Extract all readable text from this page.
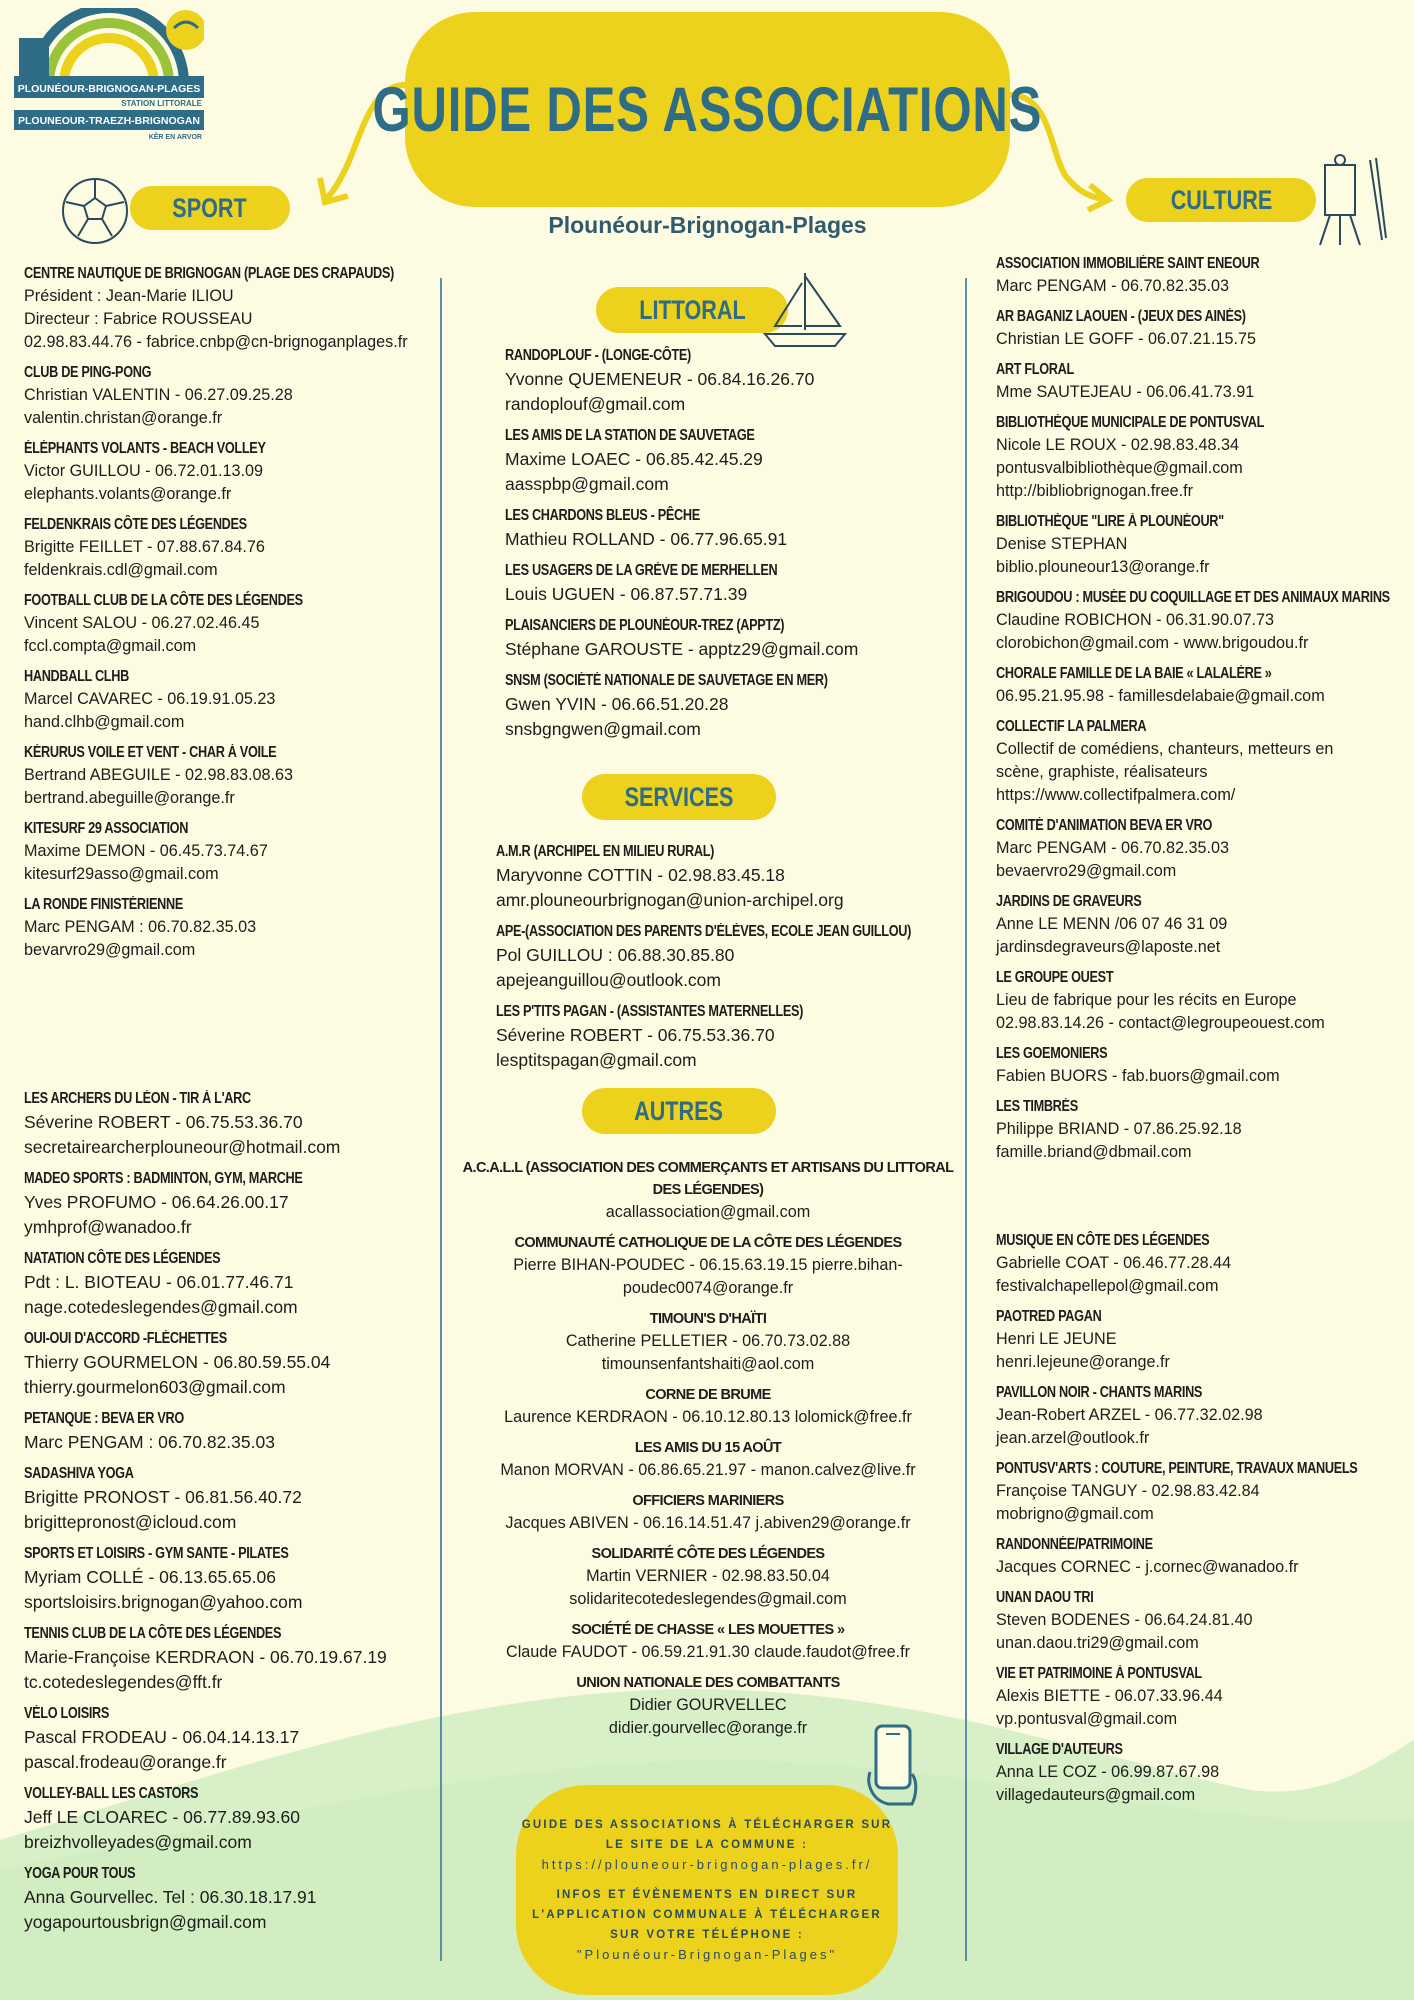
PLOUNÉOUR-BRIGNOGAN-PLAGES
STATION LITTORALE
PLOUNEOUR-TRAEZH-BRIGNOGAN
KÊR EN ARVOR	GUIDE DES ASSOCIATIONS
Plounéour-Brignogan-Plages
SPORT	CULTURE
CENTRE NAUTIQUE DE BRIGNOGAN (PLAGE DES CRAPAUDS)
Président : Jean-Marie ILIOU
Directeur : Fabrice ROUSSEAU
02.98.83.44.76 - fabrice.cnbp@cn-brignoganplages.fr
CLUB DE PING-PONG
Christian VALENTIN - 06.27.09.25.28
valentin.christan@orange.fr
ÉLÉPHANTS VOLANTS - BEACH VOLLEY
Victor GUILLOU - 06.72.01.13.09
elephants.volants@orange.fr
FELDENKRAIS CÔTE DES LÉGENDES
Brigitte FEILLET - 07.88.67.84.76
feldenkrais.cdl@gmail.com
FOOTBALL CLUB DE LA CÔTE DES LÉGENDES
Vincent SALOU - 06.27.02.46.45
fccl.compta@gmail.com
HANDBALL CLHB
Marcel CAVAREC - 06.19.91.05.23
hand.clhb@gmail.com
KÉRURUS VOILE ET VENT - CHAR À VOILE
Bertrand ABEGUILE - 02.98.83.08.63
bertrand.abeguille@orange.fr
KITESURF 29 ASSOCIATION
Maxime DEMON - 06.45.73.74.67
kitesurf29asso@gmail.com
LA RONDE FINISTÉRIENNE
Marc PENGAM : 06.70.82.35.03
bevarvro29@gmail.com
LES ARCHERS DU LÉON - TIR À L'ARC
Séverine ROBERT - 06.75.53.36.70
secretairearcherplouneour@hotmail.com
MADEO SPORTS : BADMINTON, GYM, MARCHE
Yves PROFUMO - 06.64.26.00.17
ymhprof@wanadoo.fr
NATATION CÔTE DES LÉGENDES
Pdt : L. BIOTEAU - 06.01.77.46.71
nage.cotedeslegendes@gmail.com
OUI-OUI D'ACCORD -FLÉCHETTES
Thierry GOURMELON - 06.80.59.55.04
thierry.gourmelon603@gmail.com
PETANQUE : BEVA ER VRO
Marc PENGAM : 06.70.82.35.03
SADASHIVA YOGA
Brigitte PRONOST - 06.81.56.40.72
brigittepronost@icloud.com
SPORTS ET LOISIRS - GYM SANTE - PILATES
Myriam COLLÉ - 06.13.65.65.06
sportsloisirs.brignogan@yahoo.com
TENNIS CLUB DE LA CÔTE DES LÉGENDES
Marie-Françoise KERDRAON - 06.70.19.67.19
tc.cotedeslegendes@fft.fr
VÉLO LOISIRS
Pascal FRODEAU - 06.04.14.13.17
pascal.frodeau@orange.fr
VOLLEY-BALL LES CASTORS
Jeff LE CLOAREC - 06.77.89.93.60
breizhvolleyades@gmail.com
YOGA POUR TOUS
Anna Gourvellec. Tel : 06.30.18.17.91
yogapourtousbrign@gmail.com
LITTORAL
RANDOPLOUF - (LONGE-CÔTE)
Yvonne QUEMENEUR - 06.84.16.26.70
randoplouf@gmail.com
LES AMIS DE LA STATION DE SAUVETAGE
Maxime LOAEC - 06.85.42.45.29
aasspbp@gmail.com
LES CHARDONS BLEUS - PÊCHE
Mathieu ROLLAND - 06.77.96.65.91
LES USAGERS DE LA GRÈVE DE MERHELLEN
Louis UGUEN - 06.87.57.71.39
PLAISANCIERS DE PLOUNÉOUR-TREZ (APPTZ)
Stéphane GAROUSTE - apptz29@gmail.com
SNSM (SOCIÉTÉ NATIONALE DE SAUVETAGE EN MER)
Gwen YVIN - 06.66.51.20.28
snsbgngwen@gmail.com
SERVICES
A.M.R (ARCHIPEL EN MILIEU RURAL)
Maryvonne COTTIN - 02.98.83.45.18
amr.plouneourbrignogan@union-archipel.org
APE-(ASSOCIATION DES PARENTS D'ÉLÈVES, ECOLE JEAN GUILLOU)
Pol GUILLOU : 06.88.30.85.80
apejeanguillou@outlook.com
LES P'TITS PAGAN - (ASSISTANTES MATERNELLES)
Séverine ROBERT - 06.75.53.36.70
lesptitspagan@gmail.com
AUTRES
A.C.A.L.L (ASSOCIATION DES COMMERÇANTS ET ARTISANS DU LITTORAL DES LÉGENDES)
acallassociation@gmail.com
COMMUNAUTÉ CATHOLIQUE DE LA CÔTE DES LÉGENDES
Pierre BIHAN-POUDEC - 06.15.63.19.15 pierre.bihan-poudec0074@orange.fr
TIMOUN'S D'HAÏTI
Catherine PELLETIER - 06.70.73.02.88
timounsenfantshaiti@aol.com
CORNE DE BRUME
Laurence KERDRAON - 06.10.12.80.13 lolomick@free.fr
LES AMIS DU 15 AOÛT
Manon MORVAN - 06.86.65.21.97 - manon.calvez@live.fr
OFFICIERS MARINIERS
Jacques ABIVEN - 06.16.14.51.47 j.abiven29@orange.fr
SOLIDARITÉ CÔTE DES LÉGENDES
Martin VERNIER - 02.98.83.50.04
solidaritecotedeslegendes@gmail.com
SOCIÉTÉ DE CHASSE « LES MOUETTES »
Claude FAUDOT - 06.59.21.91.30 claude.faudot@free.fr
UNION NATIONALE DES COMBATTANTS
Didier GOURVELLEC
didier.gourvellec@orange.fr
ASSOCIATION IMMOBILIÈRE SAINT ENEOUR
Marc PENGAM - 06.70.82.35.03
AR BAGANIZ LAOUEN - (JEUX DES AINÉS)
Christian LE GOFF - 06.07.21.15.75
ART FLORAL
Mme SAUTEJEAU - 06.06.41.73.91
BIBLIOTHÈQUE MUNICIPALE DE PONTUSVAL
Nicole LE ROUX - 02.98.83.48.34
pontusvalbibliothèque@gmail.com
http://bibliobrignogan.free.fr
BIBLIOTHÈQUE "LIRE À PLOUNÉOUR"
Denise STEPHAN
biblio.plouneour13@orange.fr
BRIGOUDOU : MUSÉE DU COQUILLAGE ET DES ANIMAUX MARINS
Claudine ROBICHON - 06.31.90.07.73
clorobichon@gmail.com - www.brigoudou.fr
CHORALE FAMILLE DE LA BAIE « LALALÈRE »
06.95.21.95.98 - famillesdelabaie@gmail.com
COLLECTIF LA PALMERA
Collectif de comédiens, chanteurs, metteurs en
scène, graphiste, réalisateurs
https://www.collectifpalmera.com/
COMITÉ D'ANIMATION BEVA ER VRO
Marc PENGAM - 06.70.82.35.03
bevaervro29@gmail.com
JARDINS DE GRAVEURS
Anne LE MENN /06 07 46 31 09
jardinsdegraveurs@laposte.net
LE GROUPE OUEST
Lieu de fabrique pour les récits en Europe
02.98.83.14.26 - contact@legroupeouest.com
LES GOEMONIERS
Fabien BUORS - fab.buors@gmail.com
LES TIMBRÉS
Philippe BRIAND - 07.86.25.92.18
famille.briand@dbmail.com
MUSIQUE EN CÔTE DES LÉGENDES
Gabrielle COAT - 06.46.77.28.44
festivalchapellepol@gmail.com
PAOTRED PAGAN
Henri LE JEUNE
henri.lejeune@orange.fr
PAVILLON NOIR - CHANTS MARINS
Jean-Robert ARZEL - 06.77.32.02.98
jean.arzel@outlook.fr
PONTUSV'ARTS : COUTURE, PEINTURE, TRAVAUX MANUELS
Françoise TANGUY - 02.98.83.42.84
mobrigno@gmail.com
RANDONNÉE/PATRIMOINE
Jacques CORNEC - j.cornec@wanadoo.fr
UNAN DAOU TRI
Steven BODENES - 06.64.24.81.40
unan.daou.tri29@gmail.com
VIE ET PATRIMOINE À PONTUSVAL
Alexis BIETTE - 06.07.33.96.44
vp.pontusval@gmail.com
VILLAGE D'AUTEURS
Anna LE COZ - 06.99.87.67.98
villagedauteurs@gmail.com
GUIDE DES ASSOCIATIONS À TÉLÉCHARGER SUR
LE SITE DE LA COMMUNE :
https://plouneour-brignogan-plages.fr/
INFOS ET ÉVÈNEMENTS EN DIRECT SUR
L'APPLICATION COMMUNALE À TÉLÉCHARGER
SUR VOTRE TÉLÉPHONE :
"Plounéour-Brignogan-Plages"
